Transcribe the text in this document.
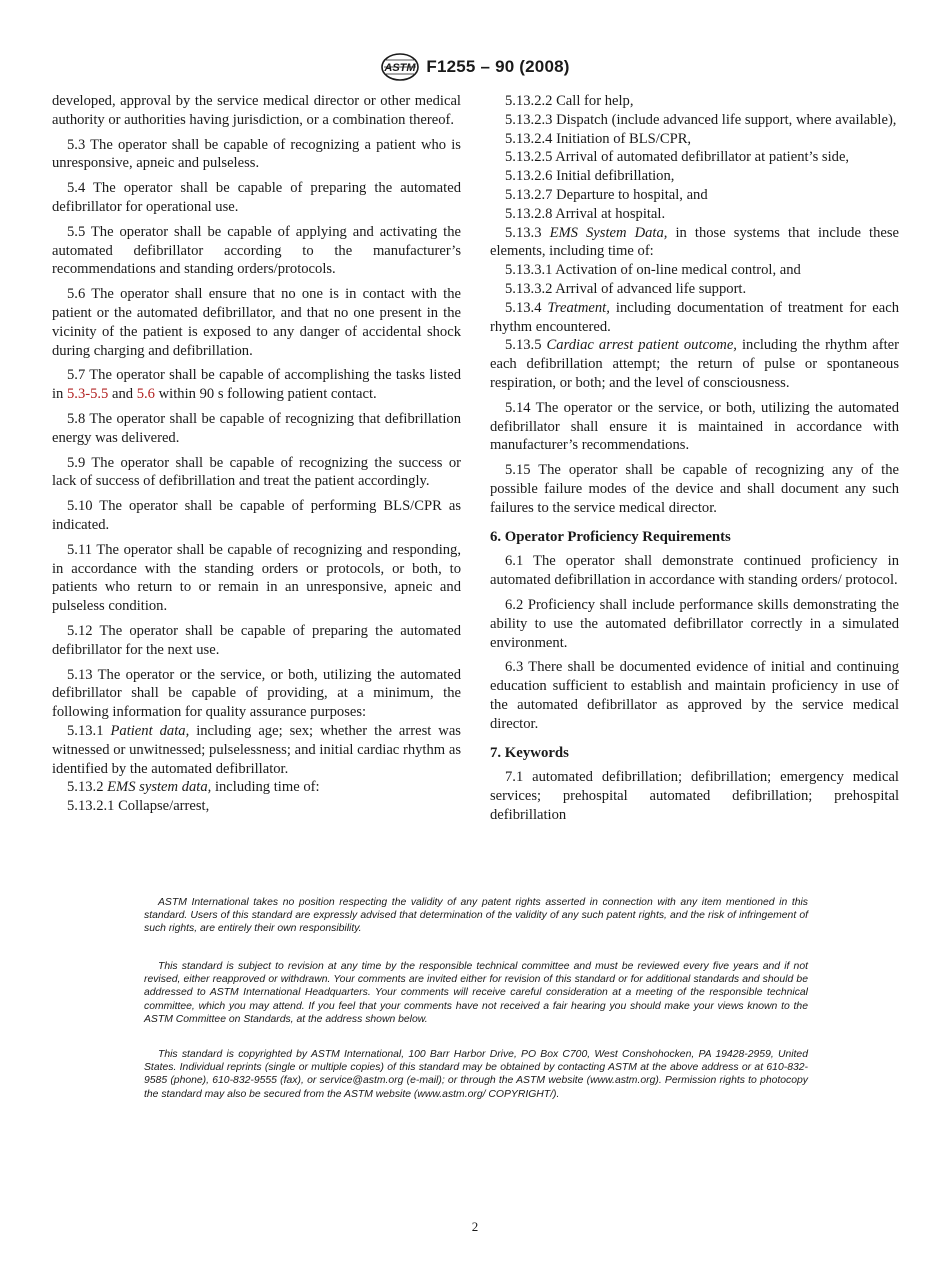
ASTM F1255 – 90 (2008)

developed, approval by the service medical director or other medical authority or authorities having jurisdiction, or a combination thereof.

5.3 The operator shall be capable of recognizing a patient who is unresponsive, apneic and pulseless.

5.4 The operator shall be capable of preparing the automated defibrillator for operational use.

5.5 The operator shall be capable of applying and activating the automated defibrillator according to the manufacturer’s recommendations and standing orders/protocols.

5.6 The operator shall ensure that no one is in contact with the patient or the automated defibrillator, and that no one present in the vicinity of the patient is exposed to any danger of accidental shock during charging and defibrillation.

5.7 The operator shall be capable of accomplishing the tasks listed in 5.3-5.5 and 5.6 within 90 s following patient contact.

5.8 The operator shall be capable of recognizing that defibrillation energy was delivered.

5.9 The operator shall be capable of recognizing the success or lack of success of defibrillation and treat the patient accordingly.

5.10 The operator shall be capable of performing BLS/CPR as indicated.

5.11 The operator shall be capable of recognizing and responding, in accordance with the standing orders or protocols, or both, to patients who return to or remain in an unresponsive, apneic and pulseless condition.

5.12 The operator shall be capable of preparing the automated defibrillator for the next use.

5.13 The operator or the service, or both, utilizing the automated defibrillator shall be capable of providing, at a minimum, the following information for quality assurance purposes:

5.13.1 Patient data, including age; sex; whether the arrest was witnessed or unwitnessed; pulselessness; and initial cardiac rhythm as identified by the automated defibrillator.

5.13.2 EMS system data, including time of:

5.13.2.1 Collapse/arrest,

5.13.2.2 Call for help,

5.13.2.3 Dispatch (include advanced life support, where available),

5.13.2.4 Initiation of BLS/CPR,

5.13.2.5 Arrival of automated defibrillator at patient’s side,

5.13.2.6 Initial defibrillation,

5.13.2.7 Departure to hospital, and

5.13.2.8 Arrival at hospital.

5.13.3 EMS System Data, in those systems that include these elements, including time of:

5.13.3.1 Activation of on-line medical control, and

5.13.3.2 Arrival of advanced life support.

5.13.4 Treatment, including documentation of treatment for each rhythm encountered.

5.13.5 Cardiac arrest patient outcome, including the rhythm after each defibrillation attempt; the return of pulse or spontaneous respiration, or both; and the level of consciousness.

5.14 The operator or the service, or both, utilizing the automated defibrillator shall ensure it is maintained in accordance with manufacturer’s recommendations.

5.15 The operator shall be capable of recognizing any of the possible failure modes of the device and shall document any such failures to the service medical director.

6. Operator Proficiency Requirements

6.1 The operator shall demonstrate continued proficiency in automated defibrillation in accordance with standing orders/ protocol.

6.2 Proficiency shall include performance skills demonstrating the ability to use the automated defibrillator correctly in a simulated environment.

6.3 There shall be documented evidence of initial and continuing education sufficient to establish and maintain proficiency in use of the automated defibrillator as approved by the service medical director.

7. Keywords

7.1 automated defibrillation; defibrillation; emergency medical services; prehospital automated defibrillation; prehospital defibrillation

ASTM International takes no position respecting the validity of any patent rights asserted in connection with any item mentioned in this standard. Users of this standard are expressly advised that determination of the validity of any such patent rights, and the risk of infringement of such rights, are entirely their own responsibility.

This standard is subject to revision at any time by the responsible technical committee and must be reviewed every five years and if not revised, either reapproved or withdrawn. Your comments are invited either for revision of this standard or for additional standards and should be addressed to ASTM International Headquarters. Your comments will receive careful consideration at a meeting of the responsible technical committee, which you may attend. If you feel that your comments have not received a fair hearing you should make your views known to the ASTM Committee on Standards, at the address shown below.

This standard is copyrighted by ASTM International, 100 Barr Harbor Drive, PO Box C700, West Conshohocken, PA 19428-2959, United States. Individual reprints (single or multiple copies) of this standard may be obtained by contacting ASTM at the above address or at 610-832-9585 (phone), 610-832-9555 (fax), or service@astm.org (e-mail); or through the ASTM website (www.astm.org). Permission rights to photocopy the standard may also be secured from the ASTM website (www.astm.org/ COPYRIGHT/).

2
